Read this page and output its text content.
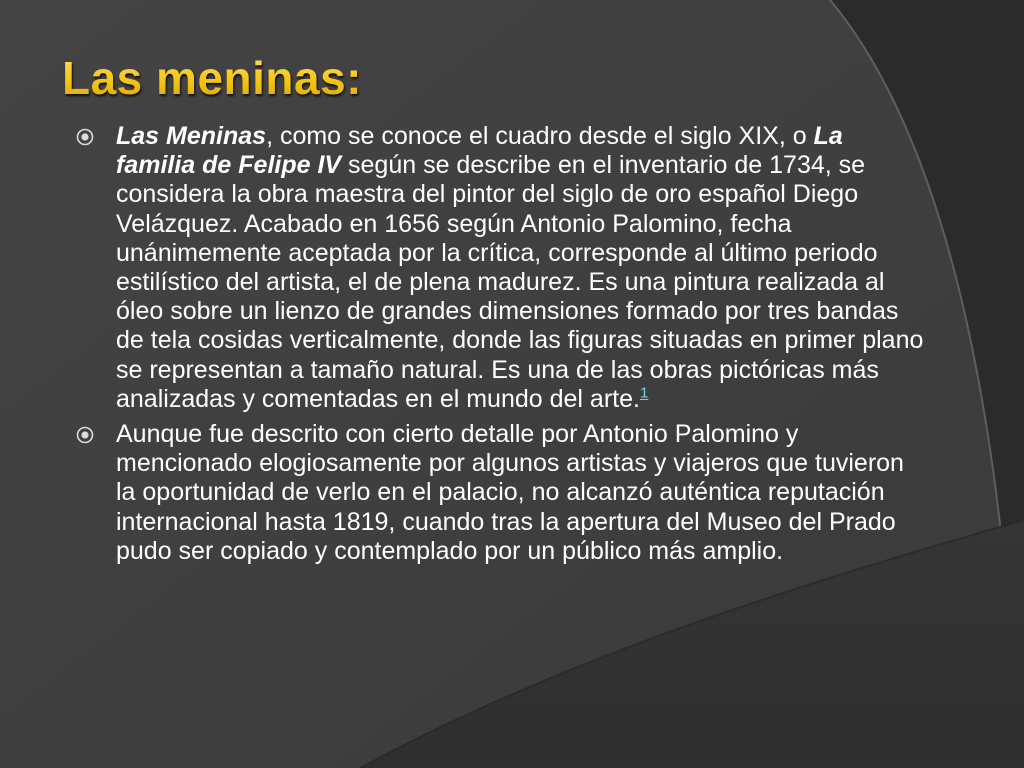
Las meninas:
Las Meninas, como se conoce el cuadro desde el siglo XIX, o La familia de Felipe IV según se describe en el inventario de 1734, se considera la obra maestra del pintor del siglo de oro español Diego Velázquez. Acabado en 1656 según Antonio Palomino, fecha unánimemente aceptada por la crítica, corresponde al último periodo estilístico del artista, el de plena madurez. Es una pintura realizada al óleo sobre un lienzo de grandes dimensiones formado por tres bandas de tela cosidas verticalmente, donde las figuras situadas en primer plano se representan a tamaño natural. Es una de las obras pictóricas más analizadas y comentadas en el mundo del arte.$^1$
Aunque fue descrito con cierto detalle por Antonio Palomino y mencionado elogiosamente por algunos artistas y viajeros que tuvieron la oportunidad de verlo en el palacio, no alcanzó auténtica reputación internacional hasta 1819, cuando tras la apertura del Museo del Prado pudo ser copiado y contemplado por un público más amplio.
